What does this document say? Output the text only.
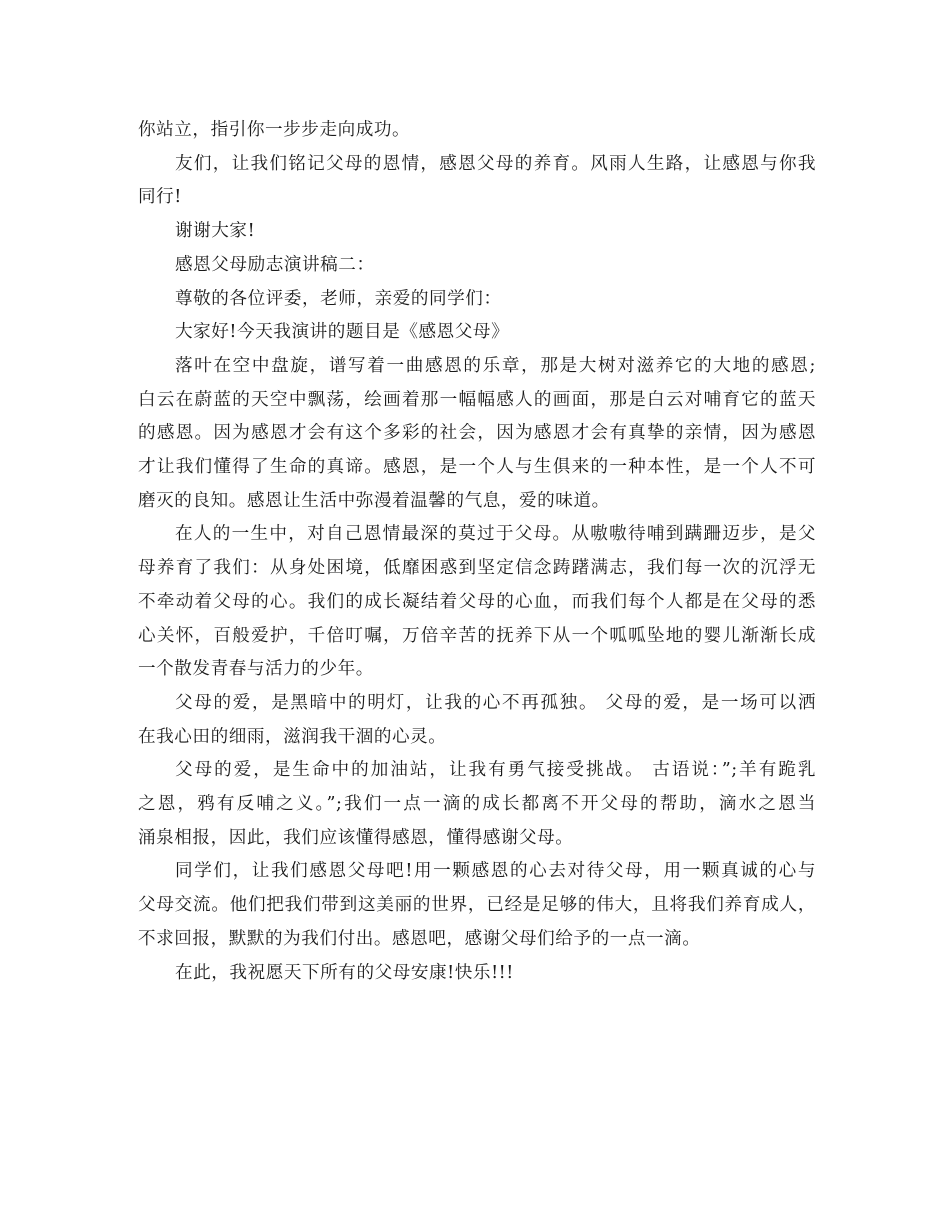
你站立，指引你一步步走向成功。

友们，让我们铭记父母的恩情，感恩父母的养育。风雨人生路，让感恩与你我
同行!

谢谢大家!

感恩父母励志演讲稿二：

尊敬的各位评委，老师，亲爱的同学们：

大家好!今天我演讲的题目是《感恩父母》

落叶在空中盘旋，谱写着一曲感恩的乐章，那是大树对滋养它的大地的感恩;
白云在蔚蓝的天空中飘荡，绘画着那一幅幅感人的画面，那是白云对哺育它的蓝天
的感恩。因为感恩才会有这个多彩的社会，因为感恩才会有真挚的亲情，因为感恩
才让我们懂得了生命的真谛。感恩，是一个人与生俱来的一种本性，是一个人不可
磨灭的良知。感恩让生活中弥漫着温馨的气息，爱的味道。

在人的一生中，对自己恩情最深的莫过于父母。从嗷嗷待哺到蹒跚迈步，是父
母养育了我们：从身处困境，低靡困惑到坚定信念踌躇满志，我们每一次的沉浮无
不牵动着父母的心。我们的成长凝结着父母的心血，而我们每个人都是在父母的悉
心关怀，百般爱护，千倍叮嘱，万倍辛苦的抚养下从一个呱呱坠地的婴儿渐渐长成
一个散发青春与活力的少年。

父母的爱，是黑暗中的明灯，让我的心不再孤独。 父母的爱，是一场可以洒
在我心田的细雨，滋润我干涸的心灵。

父母的爱，是生命中的加油站，让我有勇气接受挑战。 古语说：”;羊有跪乳
之恩，鸦有反哺之义。”;我们一点一滴的成长都离不开父母的帮助，滴水之恩当
涌泉相报，因此，我们应该懂得感恩，懂得感谢父母。

同学们，让我们感恩父母吧!用一颗感恩的心去对待父母，用一颗真诚的心与
父母交流。他们把我们带到这美丽的世界，已经是足够的伟大，且将我们养育成人，
不求回报，默默的为我们付出。感恩吧，感谢父母们给予的一点一滴。

在此，我祝愿天下所有的父母安康!快乐!!!
